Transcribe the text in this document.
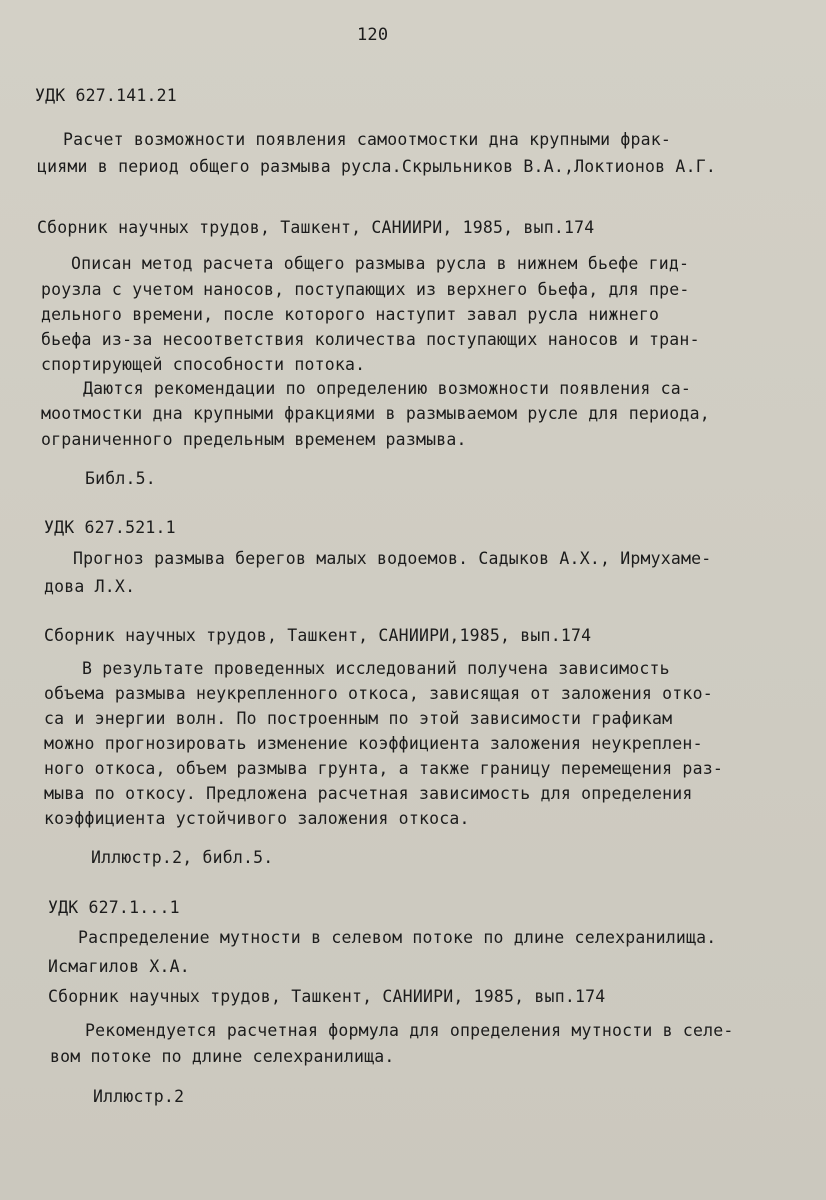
120
УДК 627.141.21
Расчет возможности появления самоотмостки дна крупными фрак-
циями в период общего размыва русла.Скрыльников В.А.,Локтионов А.Г.
Сборник научных трудов, Ташкент, САНИИРИ, 1985, вып.174
Описан метод расчета общего размыва русла в нижнем бьефе гид-
роузла с учетом наносов, поступающих из верхнего бьефа, для пре-
дельного времени, после которого наступит завал русла нижнего
бьефа из-за несоответствия количества поступающих наносов и тран-
спортирующей способности потока.
Даются рекомендации по определению возможности появления са-
моотмостки дна крупными фракциями в размываемом русле для периода,
ограниченного предельным временем размыва.
Библ.5.
УДК 627.521.1
Прогноз размыва берегов малых водоемов. Садыков А.Х., Ирмухаме-
дова Л.Х.
Сборник научных трудов, Ташкент, САНИИРИ,1985, вып.174
В результате проведенных исследований получена зависимость
объема размыва неукрепленного откоса, зависящая от заложения отко-
са и энергии волн. По построенным по этой зависимости графикам
можно прогнозировать изменение коэффициента заложения неукреплен-
ного откоса, объем размыва грунта, а также границу перемещения раз-
мыва по откосу. Предложена расчетная зависимость для определения
коэффициента устойчивого заложения откоса.
Иллюстр.2, библ.5.
УДК 627.1...1
Распределение мутности в селевом потоке по длине селехранилища.
Исмагилов Х.А.
Сборник научных трудов, Ташкент, САНИИРИ, 1985, вып.174
Рекомендуется расчетная формула для определения мутности в селе-
вом потоке по длине селехранилища.
Иллюстр.2
